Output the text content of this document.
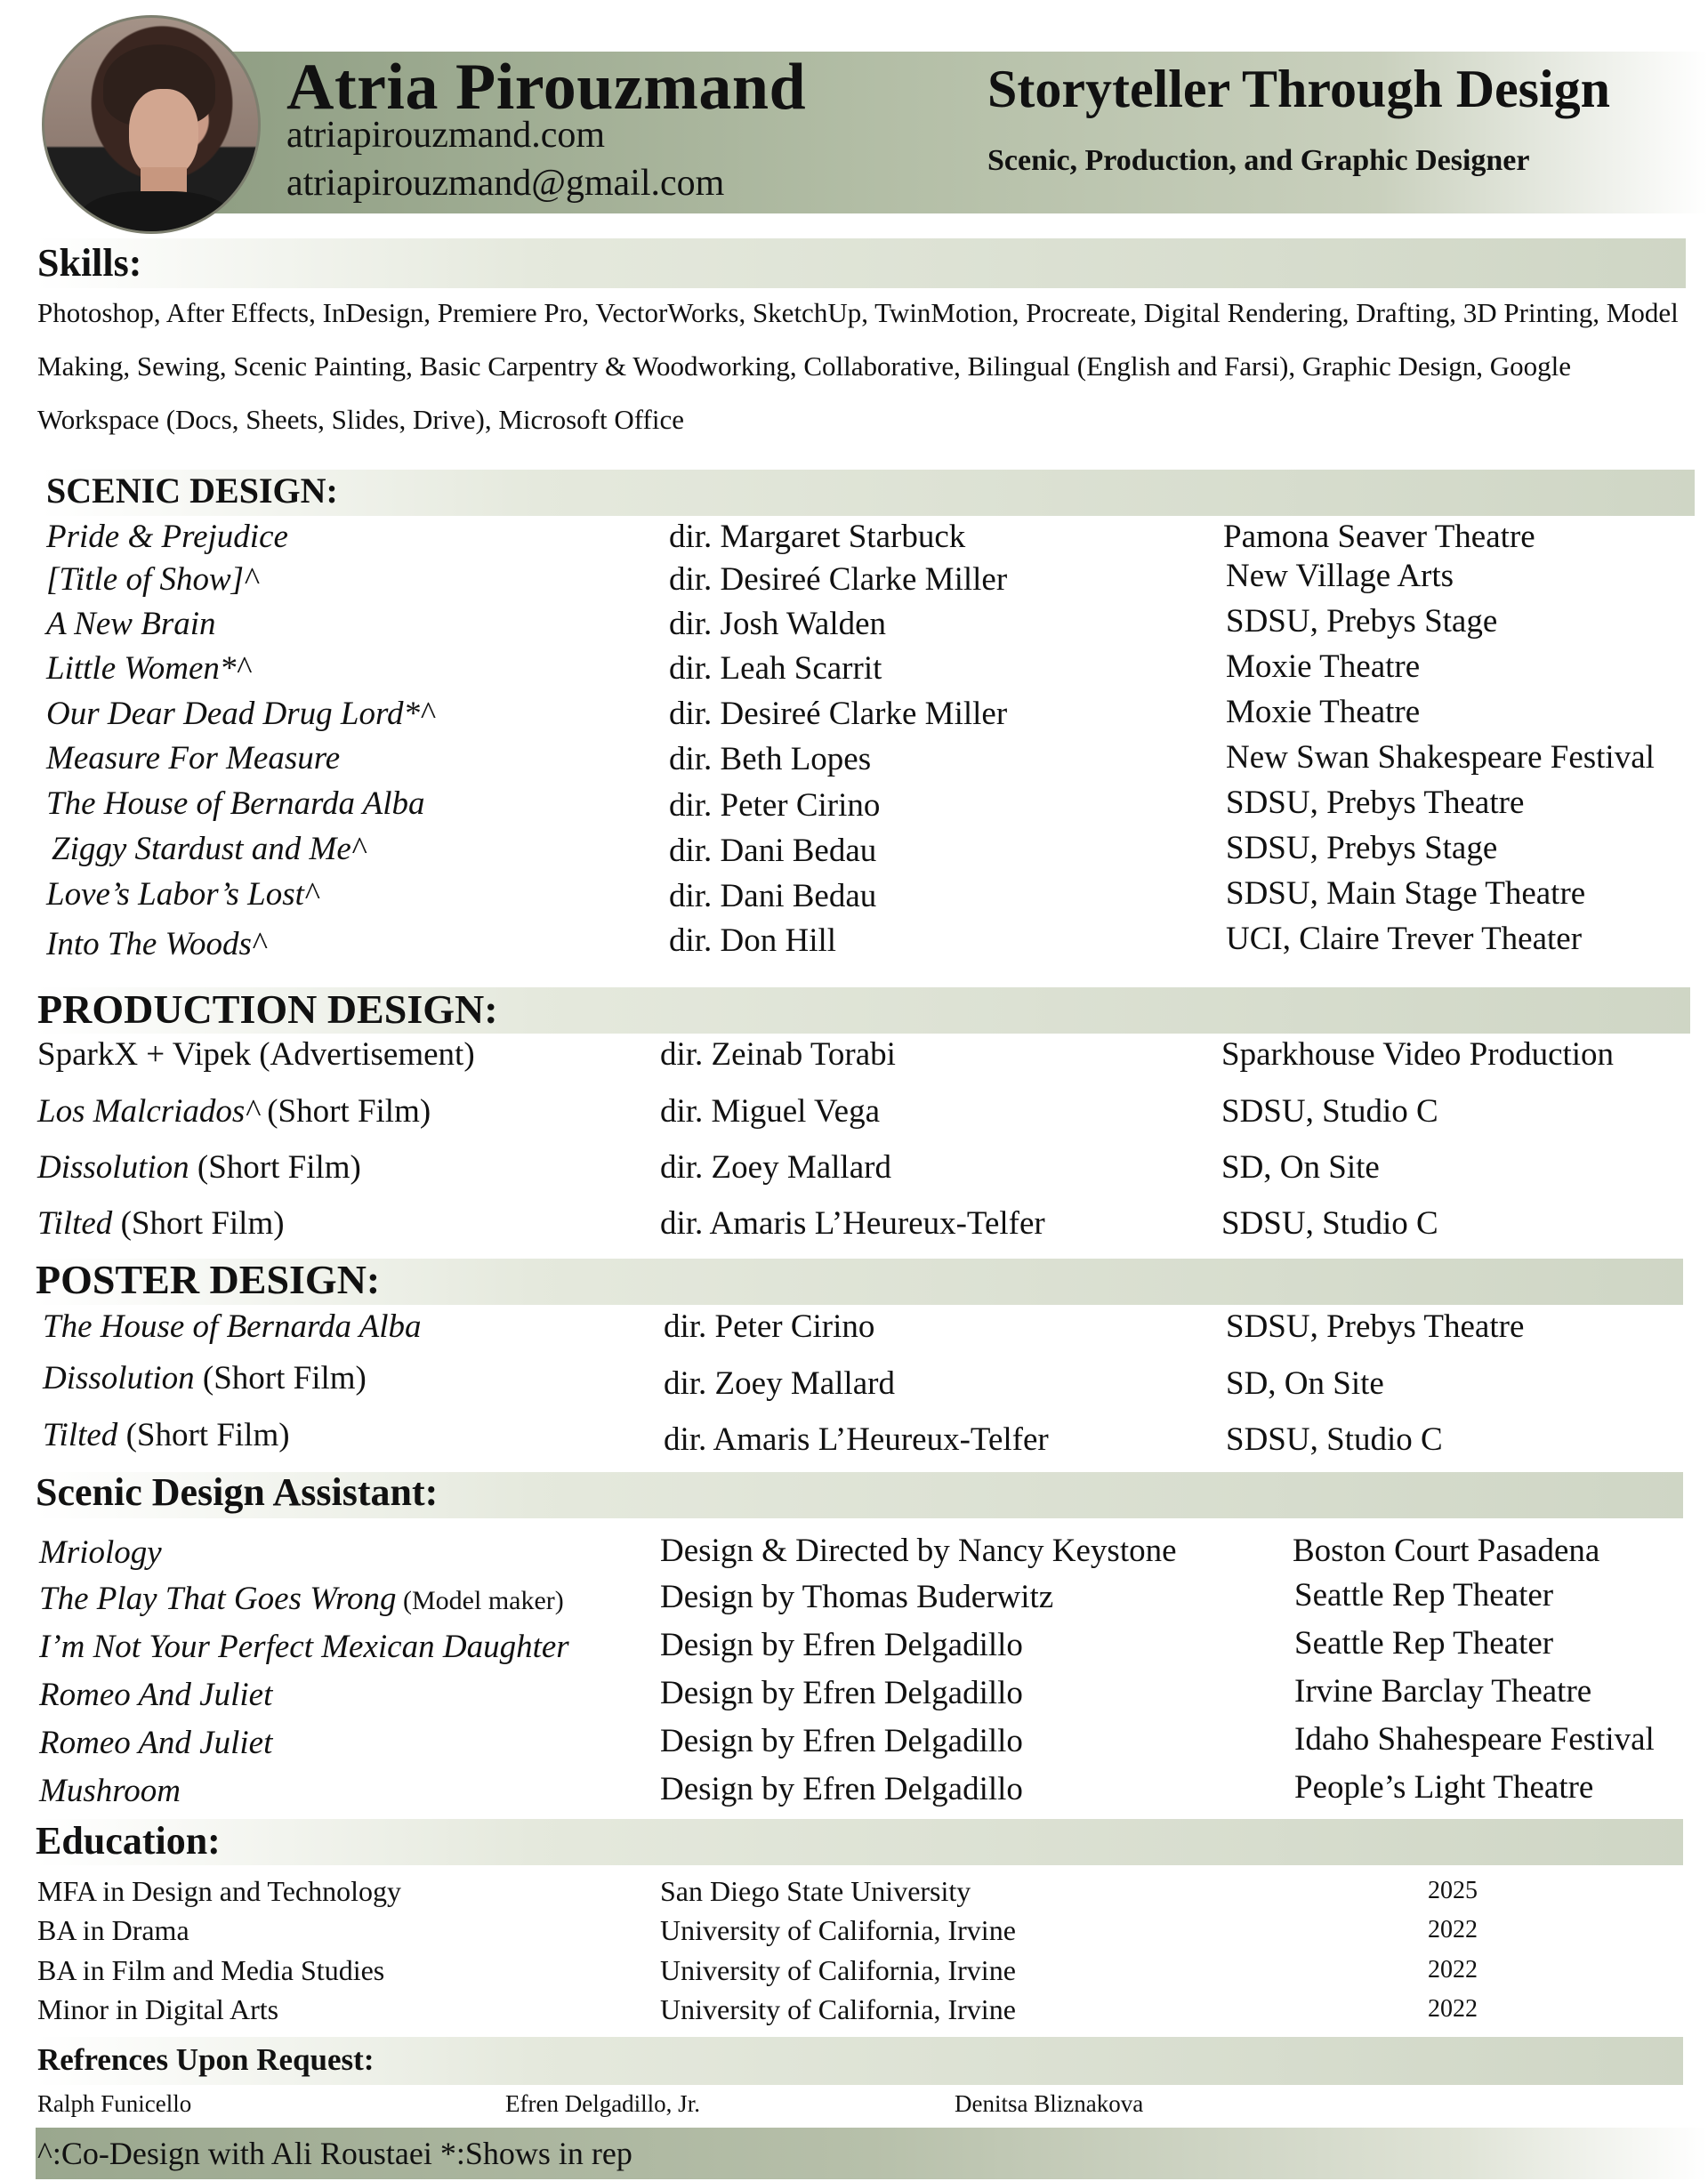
Atria Pirouzmand
atriapirouzmand.com
atriapirouzmand@gmail.com
Storyteller Through Design
Scenic, Production, and Graphic Designer
Skills:
Photoshop, After Effects, InDesign, Premiere Pro, VectorWorks, SketchUp, TwinMotion, Procreate, Digital Rendering, Drafting, 3D Printing, Model Making, Sewing, Scenic Painting, Basic Carpentry & Woodworking, Collaborative, Bilingual (English and Farsi), Graphic Design, Google Workspace (Docs, Sheets, Slides, Drive), Microsoft Office
SCENIC DESIGN:
Pride & Prejudice	dir. Margaret Starbuck	Pamona Seaver Theatre
[Title of Show]^	dir. Desireé Clarke Miller	New Village Arts
A New Brain	dir. Josh Walden	SDSU, Prebys Stage
Little Women*^	dir. Leah Scarrit	Moxie Theatre
Our Dear Dead Drug Lord*^	dir. Desireé Clarke Miller	Moxie Theatre
Measure For Measure	dir. Beth Lopes	New Swan Shakespeare Festival
The House of Bernarda Alba	dir. Peter Cirino	SDSU, Prebys Theatre
Ziggy Stardust and Me^	dir. Dani Bedau	SDSU, Prebys Stage
Love’s Labor’s Lost^	dir. Dani Bedau	SDSU, Main Stage Theatre
Into The Woods^	dir. Don Hill	UCI, Claire Trever Theater
PRODUCTION DESIGN:
SparkX + Vipek (Advertisement)	dir. Zeinab Torabi	Sparkhouse Video Production
Los Malcriados^ (Short Film)	dir. Miguel Vega	SDSU, Studio C
Dissolution (Short Film)	dir. Zoey Mallard	SD, On Site
Tilted (Short Film)	dir. Amaris L’Heureux-Telfer	SDSU, Studio C
POSTER DESIGN:
The House of Bernarda Alba	dir. Peter Cirino	SDSU, Prebys Theatre
Dissolution (Short Film)	dir. Zoey Mallard	SD, On Site
Tilted (Short Film)	dir. Amaris L’Heureux-Telfer	SDSU, Studio C
Scenic Design Assistant:
Mriology	Design & Directed by Nancy Keystone	Boston Court Pasadena
The Play That Goes Wrong (Model maker)	Design by Thomas Buderwitz	Seattle Rep Theater
I’m Not Your Perfect Mexican Daughter	Design by Efren Delgadillo	Seattle Rep Theater
Romeo And Juliet	Design by Efren Delgadillo	Irvine Barclay Theatre
Romeo And Juliet	Design by Efren Delgadillo	Idaho Shahespeare Festival
Mushroom	Design by Efren Delgadillo	People’s Light Theatre
Education:
MFA in Design and Technology	San Diego State University	2025
BA in Drama	University of California, Irvine	2022
BA in Film and Media Studies	University of California, Irvine	2022
Minor in Digital Arts	University of California, Irvine	2022
Refrences Upon Request:
Ralph Funicello	Efren Delgadillo, Jr.	Denitsa Bliznakova
^:Co-Design with Ali Roustaei *:Shows in rep
